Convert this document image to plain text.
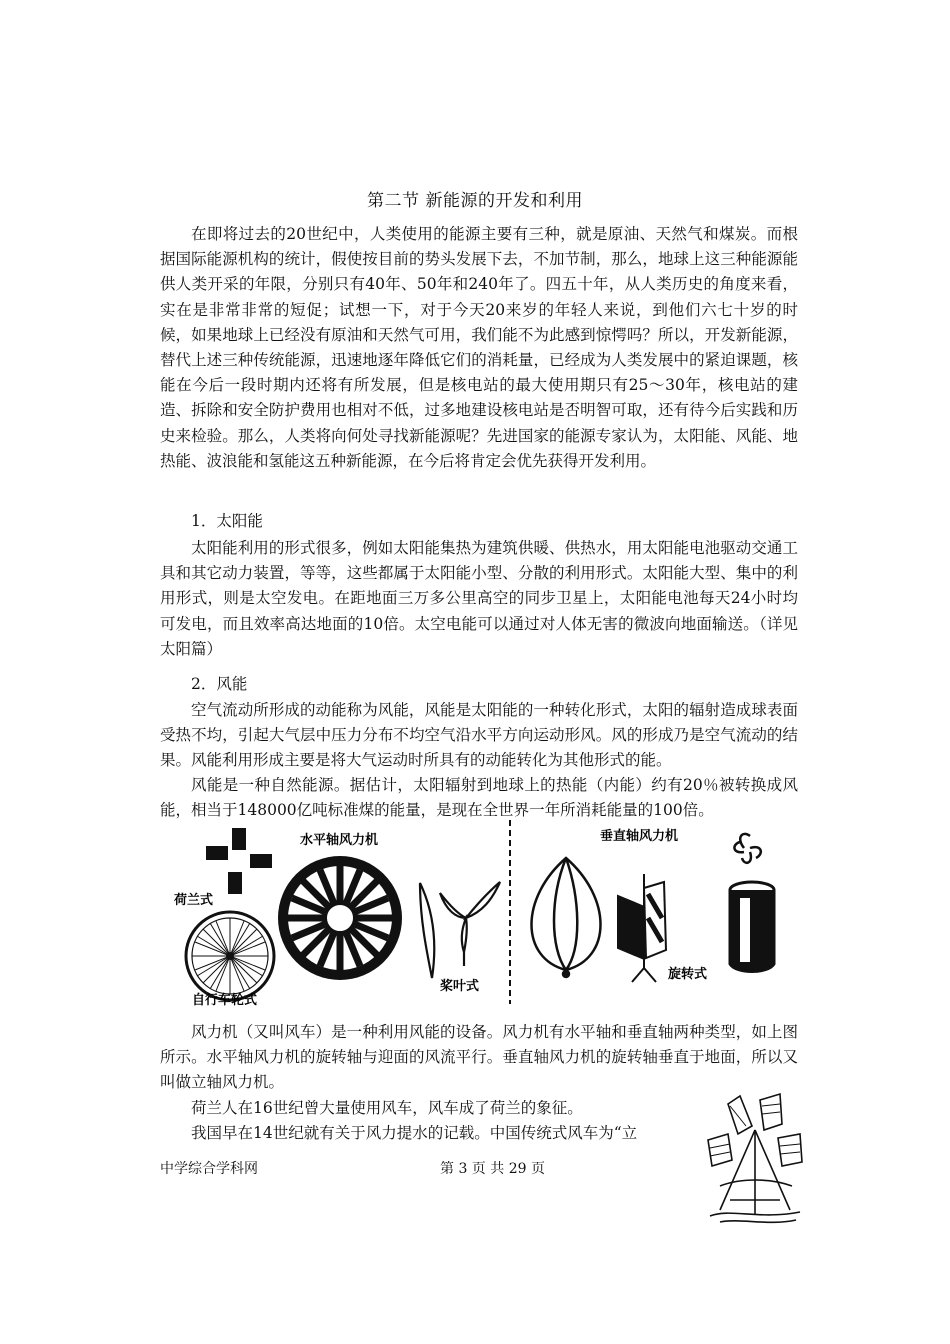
第二节 新能源的开发和利用

在即将过去的20世纪中，人类使用的能源主要有三种，就是原油、天然气和煤炭。而根据国际能源机构的统计，假使按目前的势头发展下去，不加节制，那么，地球上这三种能源能供人类开采的年限，分别只有40年、50年和240年了。四五十年，从人类历史的角度来看，实在是非常非常的短促；试想一下，对于今天20来岁的年轻人来说，到他们六七十岁的时候，如果地球上已经没有原油和天然气可用，我们能不为此感到惊愕吗？所以，开发新能源，替代上述三种传统能源，迅速地逐年降低它们的消耗量，已经成为人类发展中的紧迫课题，核能在今后一段时期内还将有所发展，但是核电站的最大使用期只有25～30年，核电站的建造、拆除和安全防护费用也相对不低，过多地建设核电站是否明智可取，还有待今后实践和历史来检验。那么，人类将向何处寻找新能源呢？先进国家的能源专家认为，太阳能、风能、地热能、波浪能和氢能这五种新能源，在今后将肯定会优先获得开发利用。

1．太阳能

太阳能利用的形式很多，例如太阳能集热为建筑供暖、供热水，用太阳能电池驱动交通工具和其它动力装置，等等，这些都属于太阳能小型、分散的利用形式。太阳能大型、集中的利用形式，则是太空发电。在距地面三万多公里高空的同步卫星上，太阳能电池每天24小时均可发电，而且效率高达地面的10倍。太空电能可以通过对人体无害的微波向地面输送。（详见太阳篇）

2．风能

空气流动所形成的动能称为风能，风能是太阳能的一种转化形式，太阳的辐射造成球表面受热不均，引起大气层中压力分布不均空气沿水平方向运动形风。风的形成乃是空气流动的结果。风能利用形成主要是将大气运动时所具有的动能转化为其他形式的能。

风能是一种自然能源。据估计，太阳辐射到地球上的热能（内能）约有20％被转换成风能，相当于148000亿吨标准煤的能量，是现在全世界一年所消耗能量的100倍。

荷兰式
自行车轮式
水平轴风力机
桨叶式
垂直轴风力机
旋转式

风力机（又叫风车）是一种利用风能的设备。风力机有水平轴和垂直轴两种类型，如上图所示。水平轴风力机的旋转轴与迎面的风流平行。垂直轴风力机的旋转轴垂直于地面，所以又叫做立轴风力机。

荷兰人在16世纪曾大量使用风车，风车成了荷兰的象征。

我国早在14世纪就有关于风力提水的记载。中国传统式风车为“立

中学综合学科网	第 3 页 共 29 页
